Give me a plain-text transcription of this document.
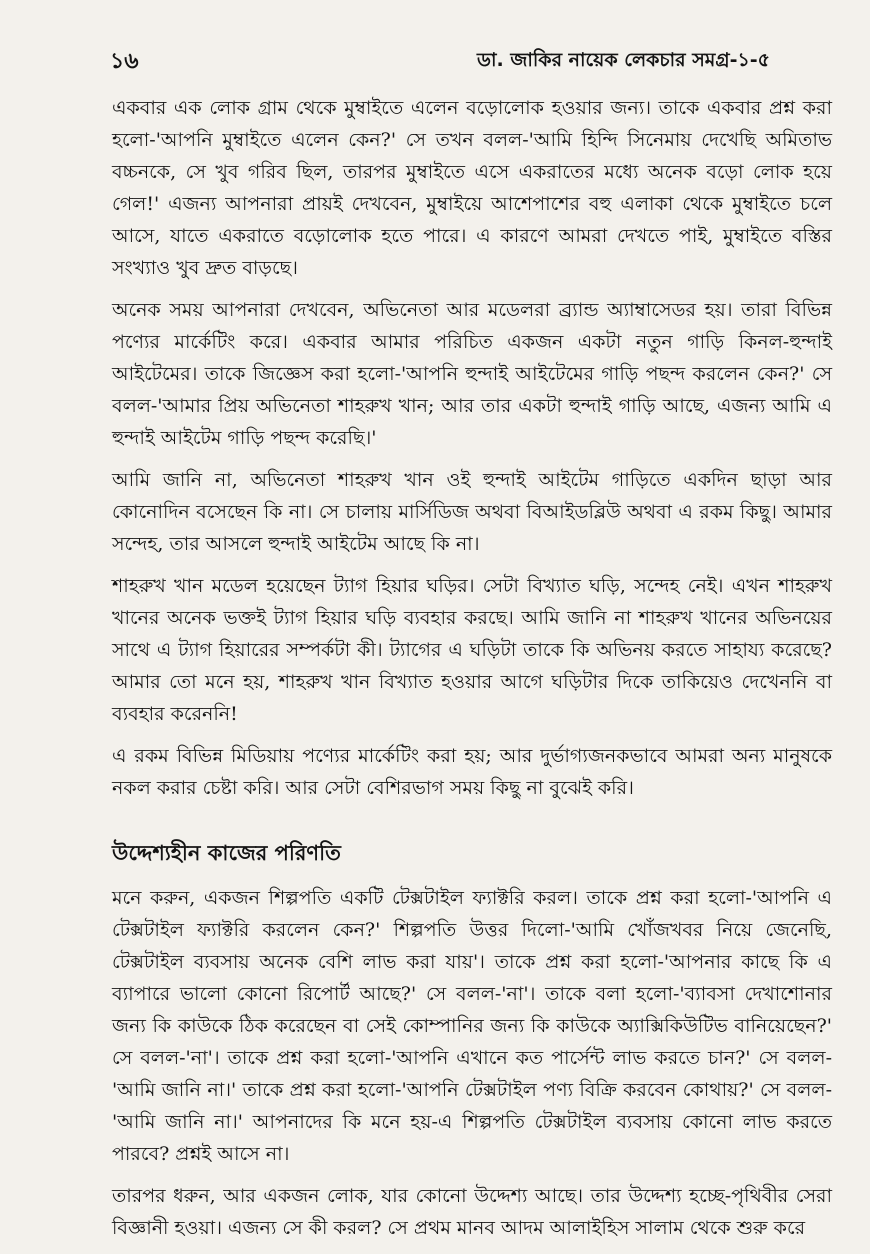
১৬	ডা. জাকির নায়েক লেকচার সমগ্র-১-৫

একবার এক লোক গ্রাম থেকে মুম্বাইতে এলেন বড়োলোক হওয়ার জন্য। তাকে একবার প্রশ্ন করা হলো-'আপনি মুম্বাইতে এলেন কেন?' সে তখন বলল-'আমি হিন্দি সিনেমায় দেখেছি অমিতাভ বচ্চনকে, সে খুব গরিব ছিল, তারপর মুম্বাইতে এসে একরাতের মধ্যে অনেক বড়ো লোক হয়ে গেল!' এজন্য আপনারা প্রায়ই দেখবেন, মুম্বাইয়ে আশেপাশের বহু এলাকা থেকে মুম্বাইতে চলে আসে, যাতে একরাতে বড়োলোক হতে পারে। এ কারণে আমরা দেখতে পাই, মুম্বাইতে বস্তির সংখ্যাও খুব দ্রুত বাড়ছে।

অনেক সময় আপনারা দেখবেন, অভিনেতা আর মডেলরা ব্র্যান্ড অ্যাম্বাসেডর হয়। তারা বিভিন্ন পণ্যের মার্কেটিং করে। একবার আমার পরিচিত একজন একটা নতুন গাড়ি কিনল-হুন্দাই আইটেমের। তাকে জিজ্ঞেস করা হলো-'আপনি হুন্দাই আইটেমের গাড়ি পছন্দ করলেন কেন?' সে বলল-'আমার প্রিয় অভিনেতা শাহরুখ খান; আর তার একটা হুন্দাই গাড়ি আছে, এজন্য আমি এ হুন্দাই আইটেম গাড়ি পছন্দ করেছি।'

আমি জানি না, অভিনেতা শাহরুখ খান ওই হুন্দাই আইটেম গাড়িতে একদিন ছাড়া আর কোনোদিন বসেছেন কি না। সে চালায় মার্সিডিজ অথবা বিআইডব্লিউ অথবা এ রকম কিছু। আমার সন্দেহ, তার আসলে হুন্দাই আইটেম আছে কি না।

শাহরুখ খান মডেল হয়েছেন ট্যাগ হিয়ার ঘড়ির। সেটা বিখ্যাত ঘড়ি, সন্দেহ নেই। এখন শাহরুখ খানের অনেক ভক্তই ট্যাগ হিয়ার ঘড়ি ব্যবহার করছে। আমি জানি না শাহরুখ খানের অভিনয়ের সাথে এ ট্যাগ হিয়ারের সম্পর্কটা কী। ট্যাগের এ ঘড়িটা তাকে কি অভিনয় করতে সাহায্য করেছে? আমার তো মনে হয়, শাহরুখ খান বিখ্যাত হওয়ার আগে ঘড়িটার দিকে তাকিয়েও দেখেননি বা ব্যবহার করেননি!

এ রকম বিভিন্ন মিডিয়ায় পণ্যের মার্কেটিং করা হয়; আর দুর্ভাগ্যজনকভাবে আমরা অন্য মানুষকে নকল করার চেষ্টা করি। আর সেটা বেশিরভাগ সময় কিছু না বুঝেই করি।

উদ্দেশ্যহীন কাজের পরিণতি

মনে করুন, একজন শিল্পপতি একটি টেক্সটাইল ফ্যাক্টরি করল। তাকে প্রশ্ন করা হলো-'আপনি এ টেক্সটাইল ফ্যাক্টরি করলেন কেন?' শিল্পপতি উত্তর দিলো-'আমি খোঁজখবর নিয়ে জেনেছি, টেক্সটাইল ব্যবসায় অনেক বেশি লাভ করা যায়'। তাকে প্রশ্ন করা হলো-'আপনার কাছে কি এ ব্যাপারে ভালো কোনো রিপোর্ট আছে?' সে বলল-'না'। তাকে বলা হলো-'ব্যাবসা দেখাশোনার জন্য কি কাউকে ঠিক করেছেন বা সেই কোম্পানির জন্য কি কাউকে অ্যাক্সিকিউটিভ বানিয়েছেন?' সে বলল-'না'। তাকে প্রশ্ন করা হলো-'আপনি এখানে কত পার্সেন্ট লাভ করতে চান?' সে বলল-'আমি জানি না।' তাকে প্রশ্ন করা হলো-'আপনি টেক্সটাইল পণ্য বিক্রি করবেন কোথায়?' সে বলল-'আমি জানি না।' আপনাদের কি মনে হয়-এ শিল্পপতি টেক্সটাইল ব্যবসায় কোনো লাভ করতে পারবে? প্রশ্নই আসে না।

তারপর ধরুন, আর একজন লোক, যার কোনো উদ্দেশ্য আছে। তার উদ্দেশ্য হচ্ছে-পৃথিবীর সেরা বিজ্ঞানী হওয়া। এজন্য সে কী করল? সে প্রথম মানব আদম আলাইহিস সালাম থেকে শুরু করে
